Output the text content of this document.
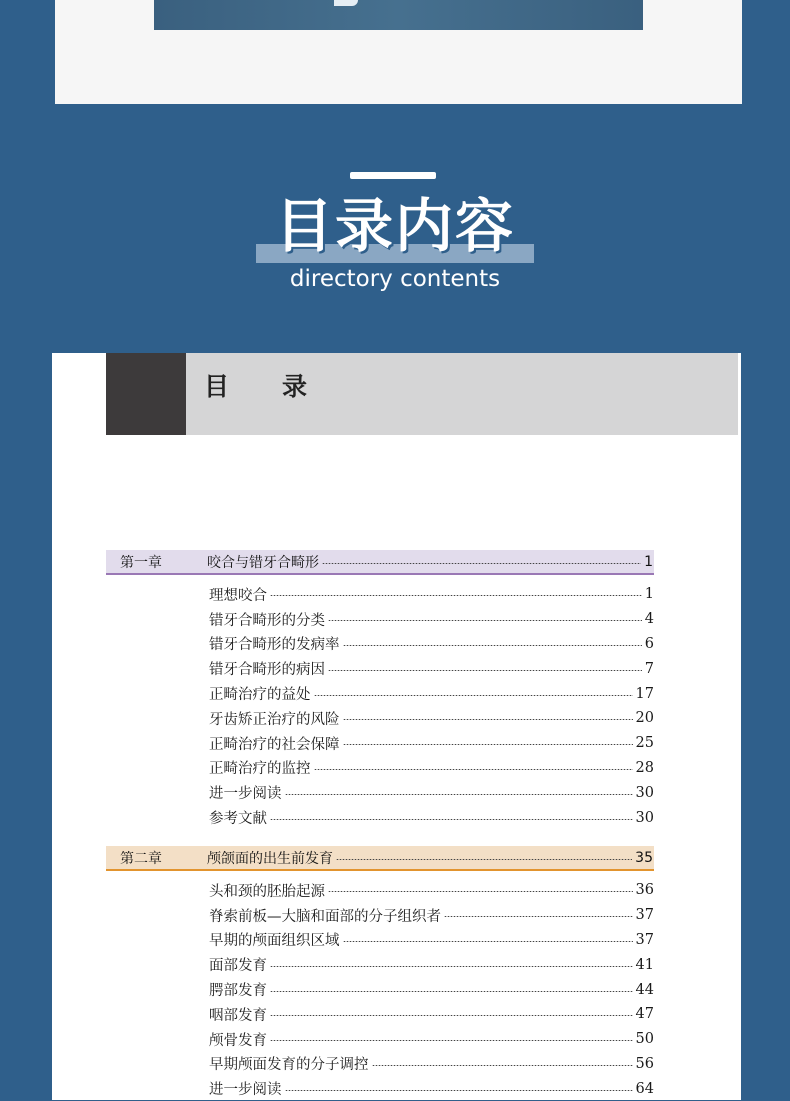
目录内容
directory contents
目录
第一章	咬合与错牙合畸形	1
理想咬合	1
错牙合畸形的分类	4
错牙合畸形的发病率	6
错牙合畸形的病因	7
正畸治疗的益处	17
牙齿矫正治疗的风险	20
正畸治疗的社会保障	25
正畸治疗的监控	28
进一步阅读	30
参考文献	30
第二章	颅颌面的出生前发育	35
头和颈的胚胎起源	36
脊索前板—大脑和面部的分子组织者	37
早期的颅面组织区域	37
面部发育	41
腭部发育	44
咽部发育	47
颅骨发育	50
早期颅面发育的分子调控	56
进一步阅读	64
